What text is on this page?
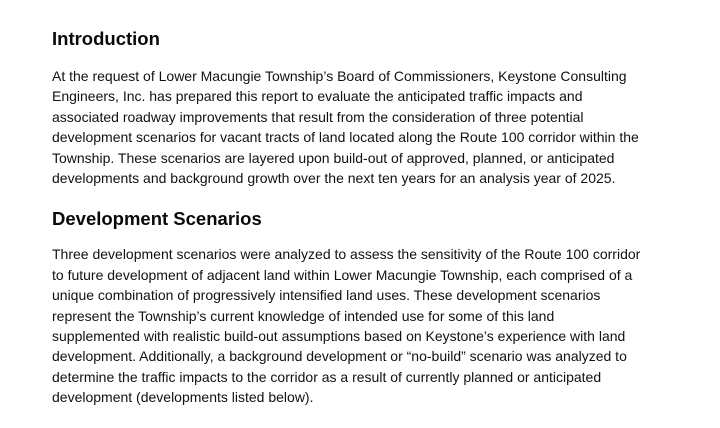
Introduction

At the request of Lower Macungie Township’s Board of Commissioners, Keystone Consulting
Engineers, Inc. has prepared this report to evaluate the anticipated traffic impacts and
associated roadway improvements that result from the consideration of three potential
development scenarios for vacant tracts of land located along the Route 100 corridor within the
Township. These scenarios are layered upon build-out of approved, planned, or anticipated
developments and background growth over the next ten years for an analysis year of 2025.

Development Scenarios

Three development scenarios were analyzed to assess the sensitivity of the Route 100 corridor
to future development of adjacent land within Lower Macungie Township, each comprised of a
unique combination of progressively intensified land uses. These development scenarios
represent the Township’s current knowledge of intended use for some of this land
supplemented with realistic build-out assumptions based on Keystone’s experience with land
development. Additionally, a background development or “no-build” scenario was analyzed to
determine the traffic impacts to the corridor as a result of currently planned or anticipated
development (developments listed below).
